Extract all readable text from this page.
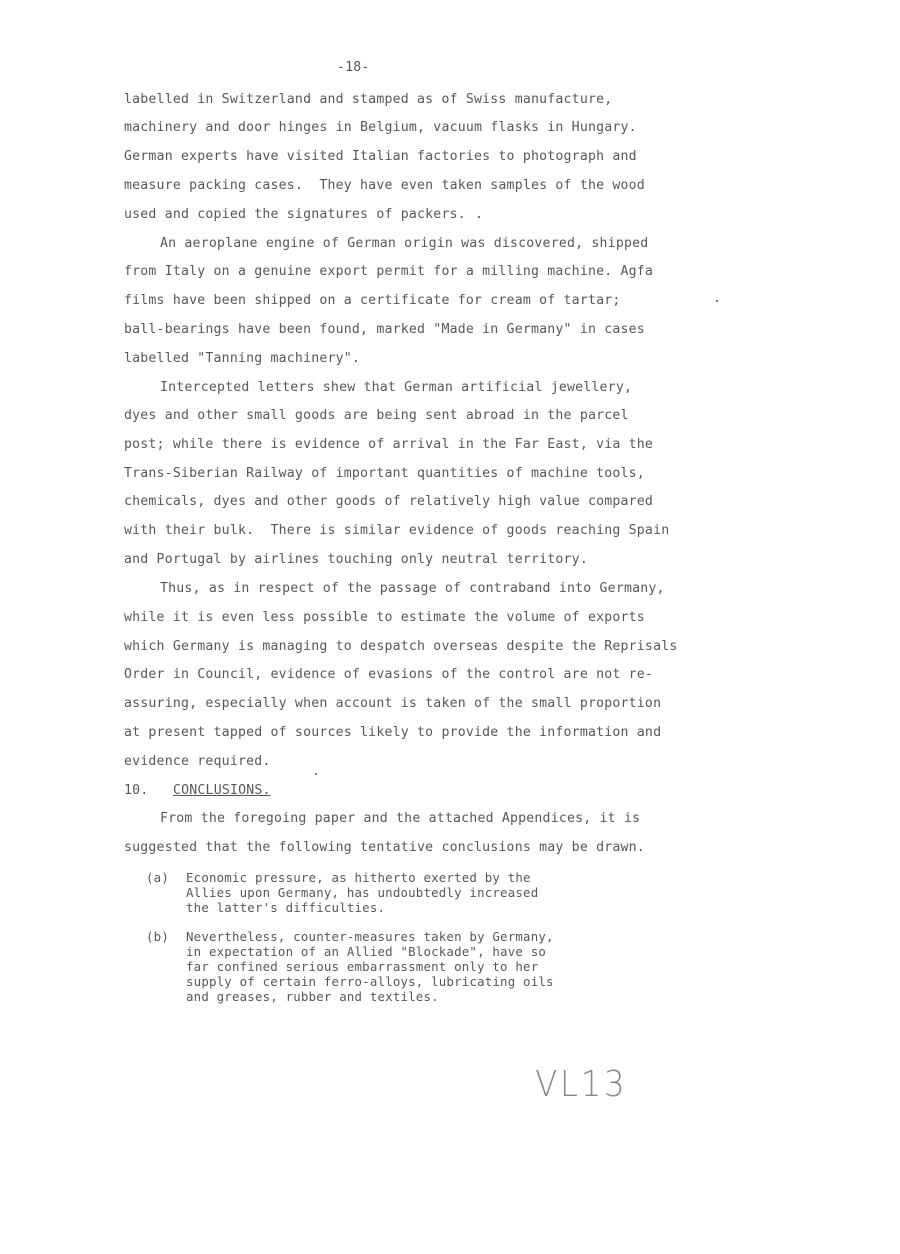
-18-
labelled in Switzerland and stamped as of Swiss manufacture,
machinery and door hinges in Belgium, vacuum flasks in Hungary.
German experts have visited Italian factories to photograph and
measure packing cases.  They have even taken samples of the wood
used and copied the signatures of packers.
An aeroplane engine of German origin was discovered, shipped
from Italy on a genuine export permit for a milling machine. Agfa
films have been shipped on a certificate for cream of tartar;
ball-bearings have been found, marked "Made in Germany" in cases
labelled "Tanning machinery".
Intercepted letters shew that German artificial jewellery,
dyes and other small goods are being sent abroad in the parcel
post; while there is evidence of arrival in the Far East, via the
Trans-Siberian Railway of important quantities of machine tools,
chemicals, dyes and other goods of relatively high value compared
with their bulk.  There is similar evidence of goods reaching Spain
and Portugal by airlines touching only neutral territory.
Thus, as in respect of the passage of contraband into Germany,
while it is even less possible to estimate the volume of exports
which Germany is managing to despatch overseas despite the Reprisals
Order in Council, evidence of evasions of the control are not re-
assuring, especially when account is taken of the small proportion
at present tapped of sources likely to provide the information and
evidence required.
10. CONCLUSIONS.
From the foregoing paper and the attached Appendices, it is
suggested that the following tentative conclusions may be drawn.
(a) Economic pressure, as hitherto exerted by the
Allies upon Germany, has undoubtedly increased
the latter's difficulties.
(b) Nevertheless, counter-measures taken by Germany,
in expectation of an Allied "Blockade", have so
far confined serious embarrassment only to her
supply of certain ferro-alloys, lubricating oils
and greases, rubber and textiles.
VL13
